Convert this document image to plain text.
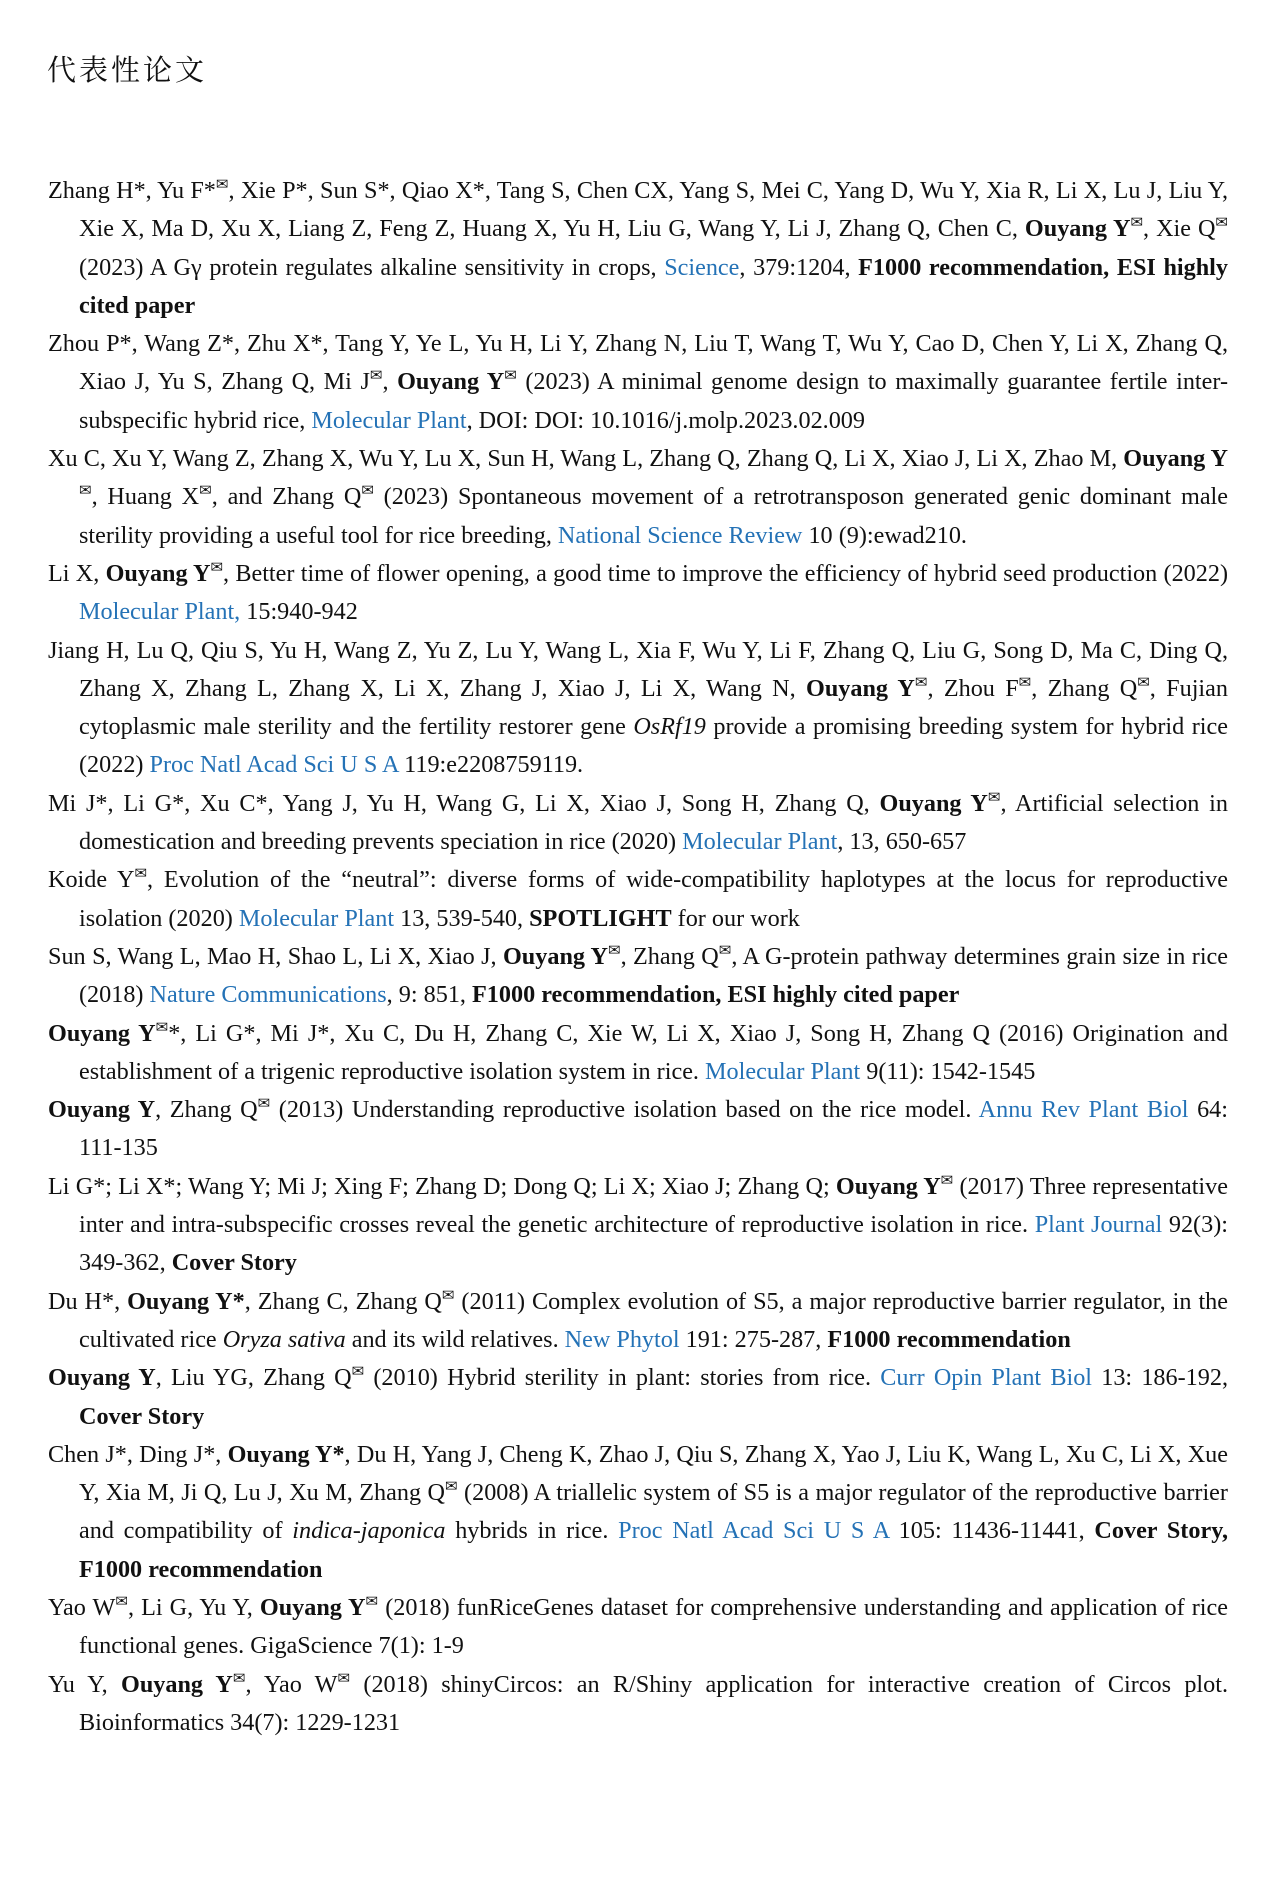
代表性论文

Zhang H*, Yu F*✉, Xie P*, Sun S*, Qiao X*, Tang S, Chen CX, Yang S, Mei C, Yang D, Wu Y, Xia R, Li X, Lu J, Liu Y, Xie X, Ma D, Xu X, Liang Z, Feng Z, Huang X, Yu H, Liu G, Wang Y, Li J, Zhang Q, Chen C, Ouyang Y✉, Xie Q✉ (2023) A Gγ protein regulates alkaline sensitivity in crops, Science, 379:1204, F1000 recommendation, ESI highly cited paper

Zhou P*, Wang Z*, Zhu X*, Tang Y, Ye L, Yu H, Li Y, Zhang N, Liu T, Wang T, Wu Y, Cao D, Chen Y, Li X, Zhang Q, Xiao J, Yu S, Zhang Q, Mi J✉, Ouyang Y✉ (2023) A minimal genome design to maximally guarantee fertile inter-subspecific hybrid rice, Molecular Plant, DOI: DOI: 10.1016/j.molp.2023.02.009

Xu C, Xu Y, Wang Z, Zhang X, Wu Y, Lu X, Sun H, Wang L, Zhang Q, Zhang Q, Li X, Xiao J, Li X, Zhao M, Ouyang Y✉, Huang X✉, and Zhang Q✉ (2023) Spontaneous movement of a retrotransposon generated genic dominant male sterility providing a useful tool for rice breeding, National Science Review 10 (9):ewad210.

Li X, Ouyang Y✉, Better time of flower opening, a good time to improve the efficiency of hybrid seed production (2022) Molecular Plant, 15:940-942

Jiang H, Lu Q, Qiu S, Yu H, Wang Z, Yu Z, Lu Y, Wang L, Xia F, Wu Y, Li F, Zhang Q, Liu G, Song D, Ma C, Ding Q, Zhang X, Zhang L, Zhang X, Li X, Zhang J, Xiao J, Li X, Wang N, Ouyang Y✉, Zhou F✉, Zhang Q✉, Fujian cytoplasmic male sterility and the fertility restorer gene OsRf19 provide a promising breeding system for hybrid rice (2022) Proc Natl Acad Sci U S A 119:e2208759119.

Mi J*, Li G*, Xu C*, Yang J, Yu H, Wang G, Li X, Xiao J, Song H, Zhang Q, Ouyang Y✉, Artificial selection in domestication and breeding prevents speciation in rice (2020) Molecular Plant, 13, 650-657

Koide Y✉, Evolution of the “neutral”: diverse forms of wide-compatibility haplotypes at the locus for reproductive isolation (2020) Molecular Plant 13, 539-540, SPOTLIGHT for our work

Sun S, Wang L, Mao H, Shao L, Li X, Xiao J, Ouyang Y✉, Zhang Q✉, A G-protein pathway determines grain size in rice (2018) Nature Communications, 9: 851, F1000 recommendation, ESI highly cited paper

Ouyang Y✉*, Li G*, Mi J*, Xu C, Du H, Zhang C, Xie W, Li X, Xiao J, Song H, Zhang Q (2016) Origination and establishment of a trigenic reproductive isolation system in rice. Molecular Plant 9(11): 1542-1545

Ouyang Y, Zhang Q✉ (2013) Understanding reproductive isolation based on the rice model. Annu Rev Plant Biol 64: 111-135

Li G*; Li X*; Wang Y; Mi J; Xing F; Zhang D; Dong Q; Li X; Xiao J; Zhang Q; Ouyang Y✉ (2017) Three representative inter and intra-subspecific crosses reveal the genetic architecture of reproductive isolation in rice. Plant Journal 92(3): 349-362, Cover Story

Du H*, Ouyang Y*, Zhang C, Zhang Q✉ (2011) Complex evolution of S5, a major reproductive barrier regulator, in the cultivated rice Oryza sativa and its wild relatives. New Phytol 191: 275-287, F1000 recommendation

Ouyang Y, Liu YG, Zhang Q✉ (2010) Hybrid sterility in plant: stories from rice. Curr Opin Plant Biol 13: 186-192, Cover Story

Chen J*, Ding J*, Ouyang Y*, Du H, Yang J, Cheng K, Zhao J, Qiu S, Zhang X, Yao J, Liu K, Wang L, Xu C, Li X, Xue Y, Xia M, Ji Q, Lu J, Xu M, Zhang Q✉ (2008) A triallelic system of S5 is a major regulator of the reproductive barrier and compatibility of indica-japonica hybrids in rice. Proc Natl Acad Sci U S A 105: 11436-11441, Cover Story, F1000 recommendation

Yao W✉, Li G, Yu Y, Ouyang Y✉ (2018) funRiceGenes dataset for comprehensive understanding and application of rice functional genes. GigaScience 7(1): 1-9

Yu Y, Ouyang Y✉, Yao W✉ (2018) shinyCircos: an R/Shiny application for interactive creation of Circos plot. Bioinformatics 34(7): 1229-1231
